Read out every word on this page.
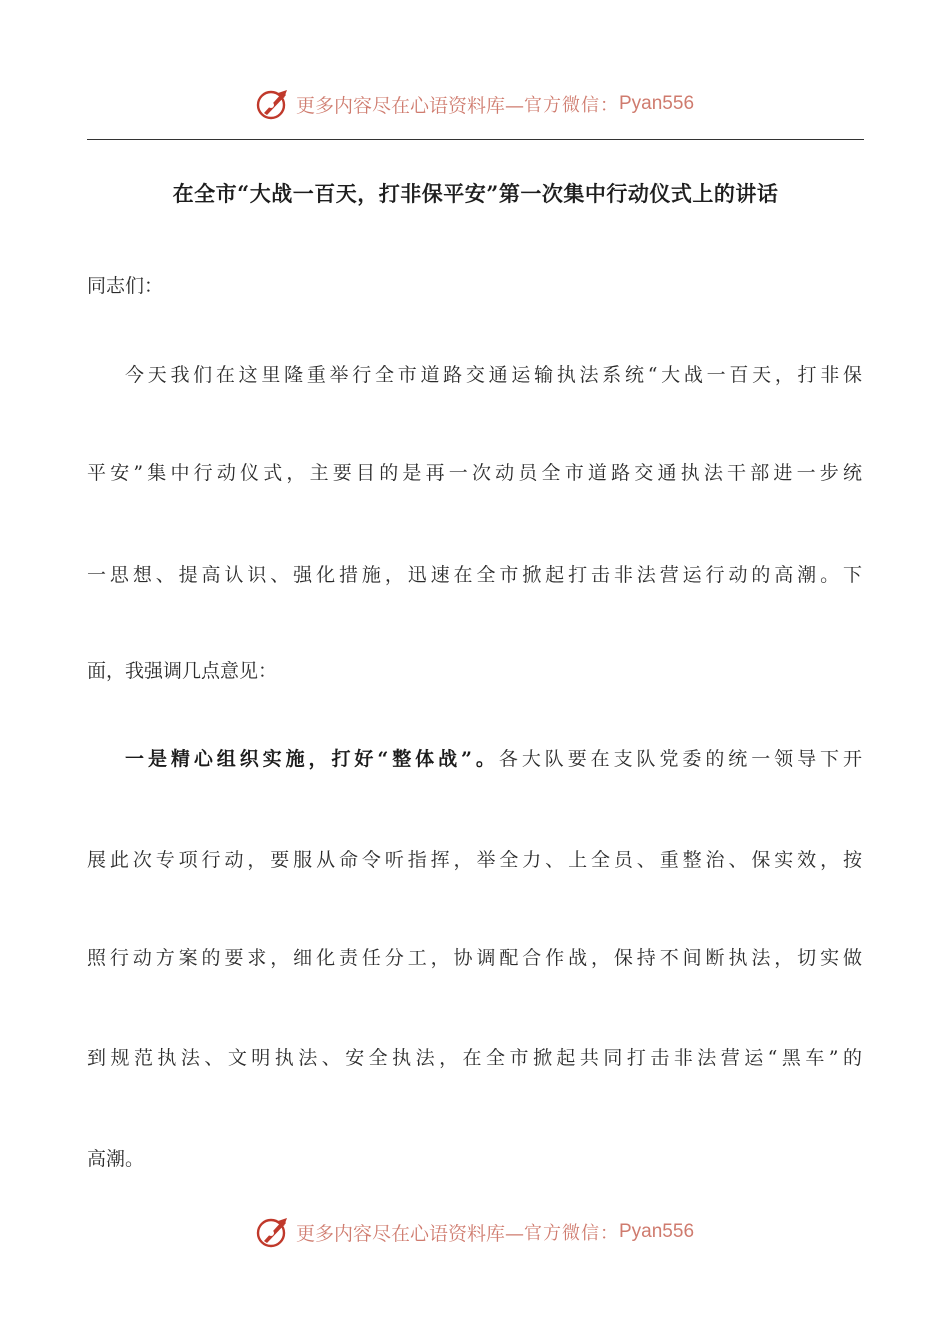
更多内容尽在心语资料库— 官方微信： Pyan556
在全市“大战一百天，打非保平安”第一次集中行动仪式上的讲话
同志们：
今天我们在这里隆重举行全市道路交通运输执法系统“大战一百天，打非保
平安”集中行动仪式，主要目的是再一次动员全市道路交通执法干部进一步统
一思想、提高认识、强化措施，迅速在全市掀起打击非法营运行动的高潮。下
面，我强调几点意见：
一是精心组织实施，打好“整体战”。各大队要在支队党委的统一领导下开
展此次专项行动，要服从命令听指挥，举全力、上全员、重整治、保实效，按
照行动方案的要求，细化责任分工，协调配合作战，保持不间断执法，切实做
到规范执法、文明执法、安全执法，在全市掀起共同打击非法营运“黑车”的
高潮。
更多内容尽在心语资料库— 官方微信： Pyan556
